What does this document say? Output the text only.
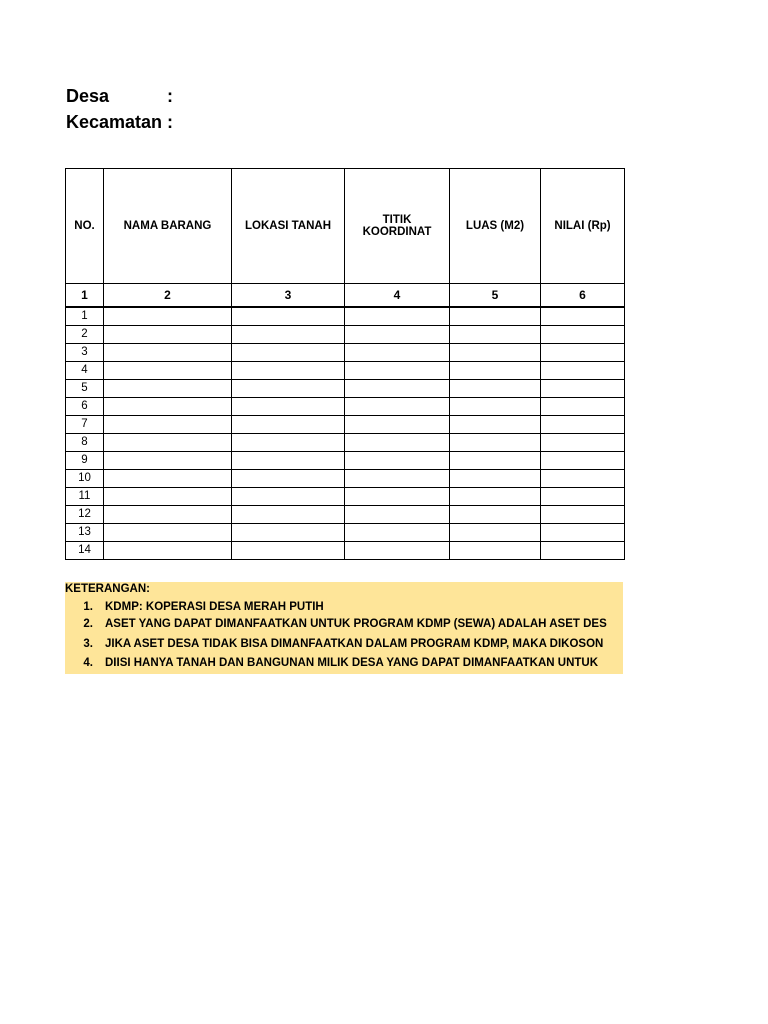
Desa	:
Kecamatan :
NO.	NAMA BARANG	LOKASI TANAH	TITIK KOORDINAT	LUAS (M2)	NILAI (Rp)
1	2	3	4	5	6
1					
2					
3					
4					
5					
6					
7					
8					
9					
10					
11					
12					
13					
14					
KETERANGAN:
1. KDMP: KOPERASI DESA MERAH PUTIH
2. ASET YANG DAPAT DIMANFAATKAN UNTUK PROGRAM KDMP (SEWA) ADALAH ASET DES
3. JIKA ASET DESA TIDAK BISA DIMANFAATKAN DALAM PROGRAM KDMP, MAKA DIKOSON
4. DIISI HANYA TANAH DAN BANGUNAN MILIK DESA YANG DAPAT DIMANFAATKAN UNTUK
